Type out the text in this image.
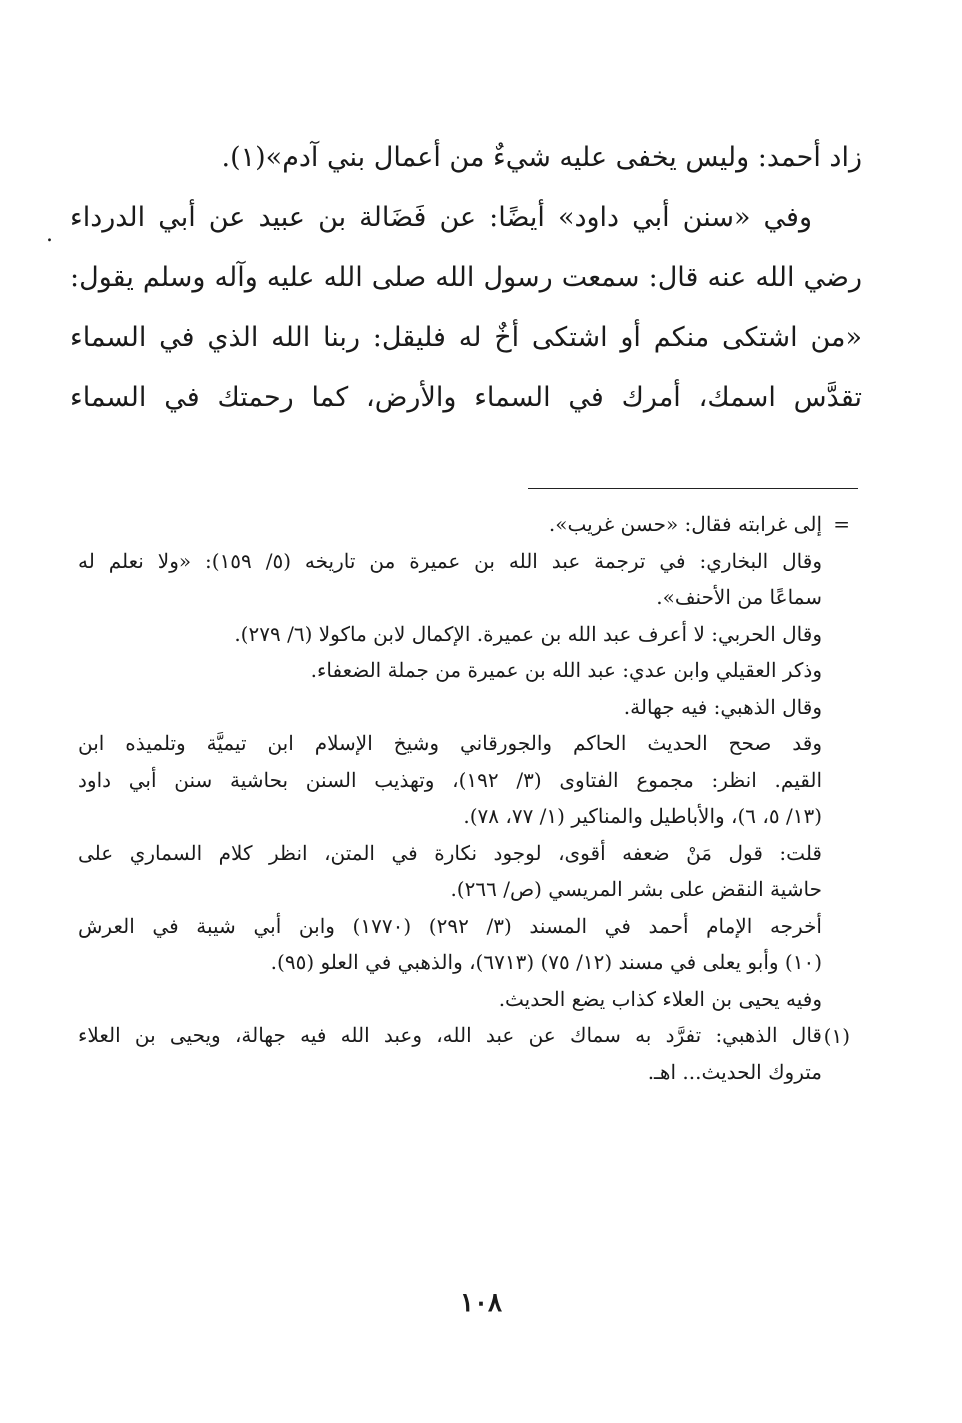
زاد أحمد: وليس يخفى عليه شيءٌ من أعمال بني آدم»(١).
وفي «سنن أبي داود» أيضًا: عن فَضَالة بن عبيد عن أبي الدرداء
رضي الله عنه قال: سمعت رسول الله صلى الله عليه وآله وسلم يقول:
«من اشتكى منكم أو اشتكى أخٌ له فليقل: ربنا الله الذي في السماء
تقدَّس اسمك، أمرك في السماء والأرض، كما رحمتك في السماء
.
=
(١)
إلى غرابته فقال: «حسن غريب».
وقال البخاري: في ترجمة عبد الله بن عميرة من تاريخه (٥/ ١٥٩): «ولا نعلم له
سماعًا من الأحنف».
وقال الحربي: لا أعرف عبد الله بن عميرة. الإكمال لابن ماكولا (٦/ ٢٧٩).
وذكر العقيلي وابن عدي: عبد الله بن عميرة من جملة الضعفاء.
وقال الذهبي: فيه جهالة.
وقد صحح الحديث الحاكم والجورقاني وشيخ الإسلام ابن تيميَّة وتلميذه ابن
القيم. انظر: مجموع الفتاوى (٣/ ١٩٢)، وتهذيب السنن بحاشية سنن أبي داود
(١٣/ ٥، ٦)، والأباطيل والمناكير (١/ ٧٧، ٧٨).
قلت: قول مَنْ ضعفه أقوى، لوجود نكارة في المتن، انظر كلام السماري على
حاشية النقض على بشر المريسي (ص/ ٢٦٦).
أخرجه الإمام أحمد في المسند (٣/ ٢٩٢) (١٧٧٠) وابن أبي شيبة في العرش
(١٠) وأبو يعلى في مسند (١٢/ ٧٥) (٦٧١٣)، والذهبي في العلو (٩٥).
وفيه يحيى بن العلاء كذاب يضع الحديث.
قال الذهبي: تفرَّد به سماك عن عبد الله، وعبد الله فيه جهالة، ويحيى بن العلاء
متروك الحديث... اهـ.
١٠٨
